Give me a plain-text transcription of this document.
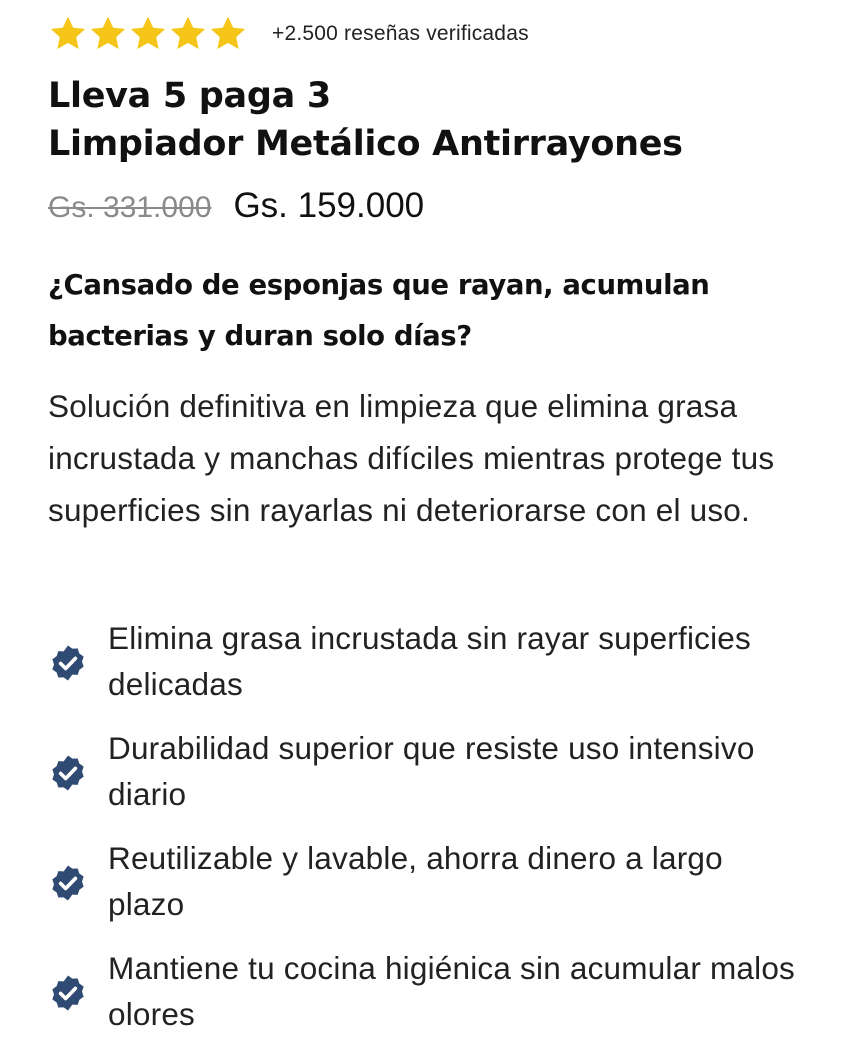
+2.500 reseñas verificadas
Lleva 5 paga 3
Limpiador Metálico Antirrayones
Gs. 331.000 Gs. 159.000

¿Cansado de esponjas que rayan, acumulan bacterias y duran solo días?

Solución definitiva en limpieza que elimina grasa incrustada y manchas difíciles mientras protege tus superficies sin rayarlas ni deteriorarse con el uso.

Elimina grasa incrustada sin rayar superficies delicadas
Durabilidad superior que resiste uso intensivo diario
Reutilizable y lavable, ahorra dinero a largo plazo
Mantiene tu cocina higiénica sin acumular malos olores
